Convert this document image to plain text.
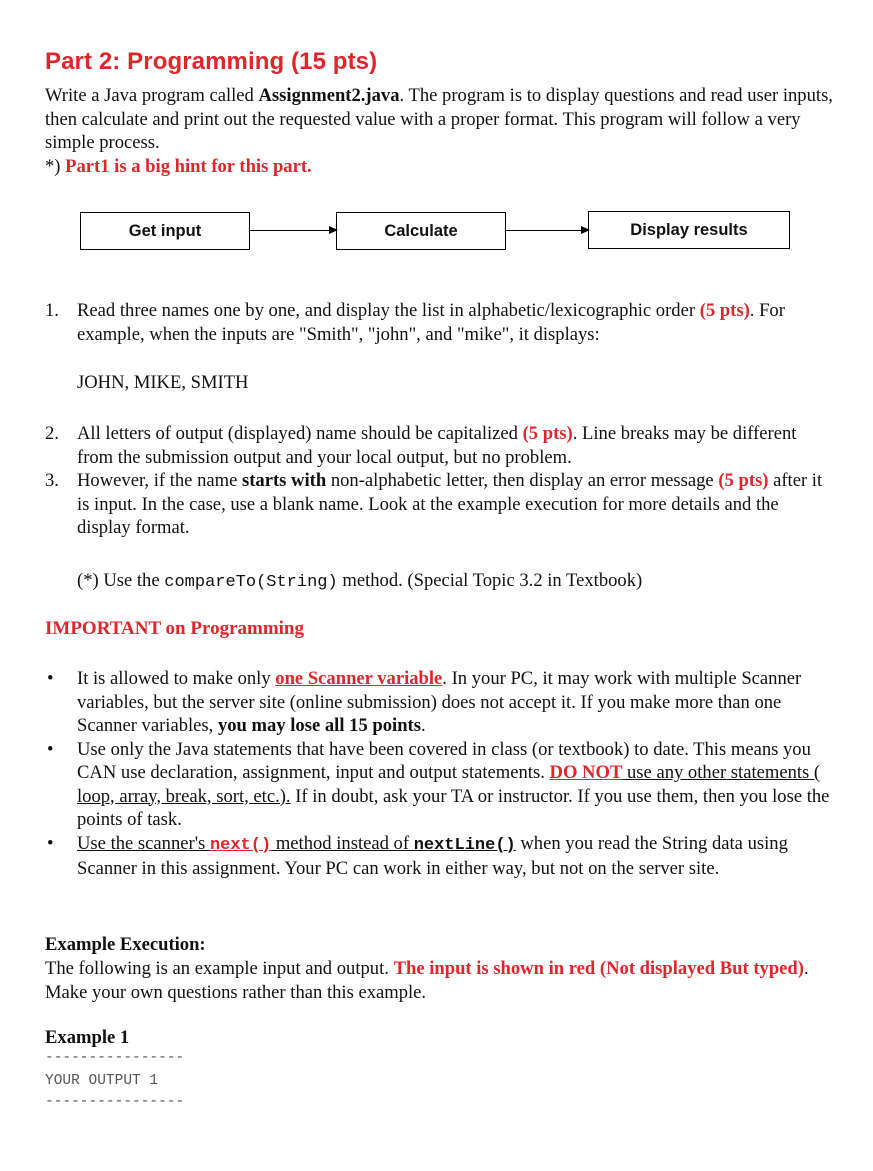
Part 2: Programming (15 pts)

Write a Java program called Assignment2.java. The program is to display questions and read user inputs, then calculate and print out the requested value with a proper format. This program will follow a very simple process.
*) Part1 is a big hint for this part.

Get input	Calculate	Display results
1. Read three names one by one, and display the list in alphabetic/lexicographic order (5 pts). For example, when the inputs are "Smith", "john", and "mike", it displays:
JOHN, MIKE, SMITH
2. All letters of output (displayed) name should be capitalized (5 pts). Line breaks may be different from the submission output and your local output, but no problem.
3. However, if the name starts with non-alphabetic letter, then display an error message (5 pts) after it is input. In the case, use a blank name. Look at the example execution for more details and the display format.
(*) Use the compareTo(String) method. (Special Topic 3.2 in Textbook)
IMPORTANT on Programming
• It is allowed to make only one Scanner variable. In your PC, it may work with multiple Scanner variables, but the server site (online submission) does not accept it. If you make more than one Scanner variables, you may lose all 15 points.
• Use only the Java statements that have been covered in class (or textbook) to date. This means you CAN use declaration, assignment, input and output statements. DO NOT use any other statements ( loop, array, break, sort, etc.). If in doubt, ask your TA or instructor. If you use them, then you lose the points of task.
• Use the scanner's next() method instead of nextLine() when you read the String data using Scanner in this assignment. Your PC can work in either way, but not on the server site.
Example Execution:
The following is an example input and output. The input is shown in red (Not displayed But typed). Make your own questions rather than this example.
Example 1
----------------
YOUR OUTPUT 1
----------------
